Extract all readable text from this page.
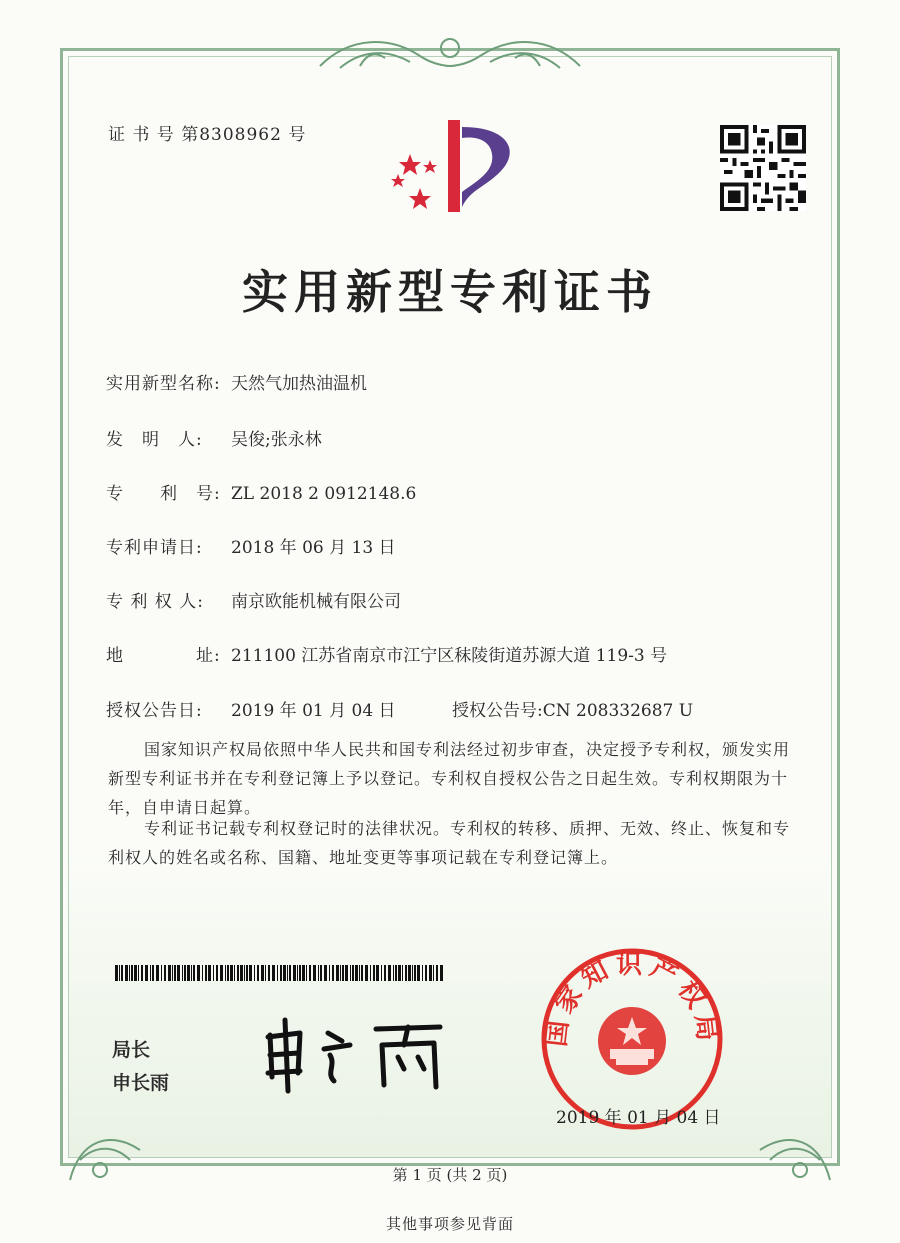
证 书 号 第8308962 号
实用新型专利证书
实用新型名称: 天然气加热油温机
发　明　人: 吴俊;张永林
专　　利　号: ZL 2018 2 0912148.6
专利申请日: 2018 年 06 月 13 日
专 利 权 人: 南京欧能机械有限公司
地　　　　址: 211100 江苏省南京市江宁区秣陵街道苏源大道 119-3 号
授权公告日: 2019 年 01 月 04 日	授权公告号:CN 208332687 U
国家知识产权局依照中华人民共和国专利法经过初步审查，决定授予专利权，颁发实用新型专利证书并在专利登记簿上予以登记。专利权自授权公告之日起生效。专利权期限为十年，自申请日起算。
专利证书记载专利权登记时的法律状况。专利权的转移、质押、无效、终止、恢复和专利权人的姓名或名称、国籍、地址变更等事项记载在专利登记簿上。
局长
申长雨
国家知识产权局
2019 年 01 月 04 日
第 1 页 (共 2 页)
其他事项参见背面
